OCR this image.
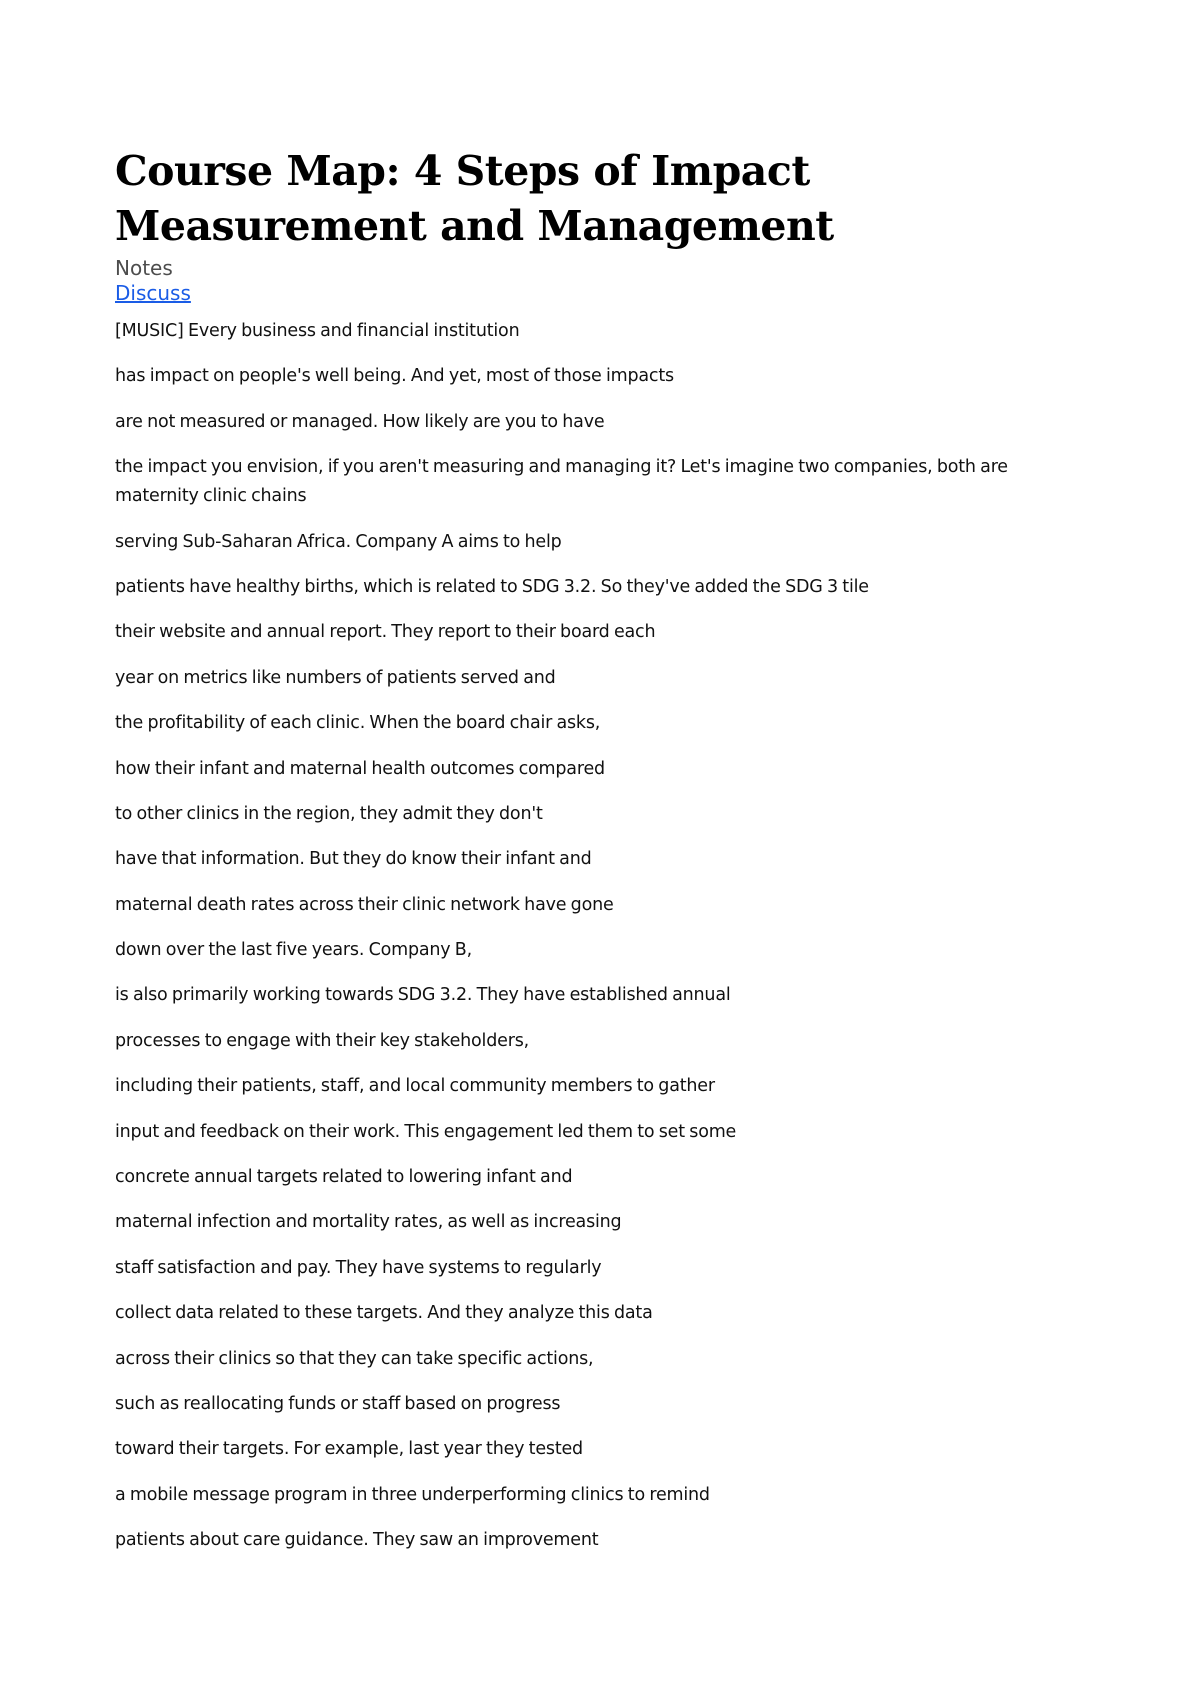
Course Map: 4 Steps of Impact Measurement and Management
Notes
Discuss

[MUSIC] Every business and financial institution

has impact on people's well being. And yet, most of those impacts

are not measured or managed. How likely are you to have

the impact you envision, if you aren't measuring and managing it? Let's imagine two companies, both are maternity clinic chains

serving Sub-Saharan Africa. Company A aims to help

patients have healthy births, which is related to SDG 3.2. So they've added the SDG 3 tile

their website and annual report. They report to their board each

year on metrics like numbers of patients served and

the profitability of each clinic. When the board chair asks,

how their infant and maternal health outcomes compared

to other clinics in the region, they admit they don't

have that information. But they do know their infant and

maternal death rates across their clinic network have gone

down over the last five years. Company B,

is also primarily working towards SDG 3.2. They have established annual

processes to engage with their key stakeholders,

including their patients, staff, and local community members to gather

input and feedback on their work. This engagement led them to set some

concrete annual targets related to lowering infant and

maternal infection and mortality rates, as well as increasing

staff satisfaction and pay. They have systems to regularly

collect data related to these targets. And they analyze this data

across their clinics so that they can take specific actions,

such as reallocating funds or staff based on progress

toward their targets. For example, last year they tested

a mobile message program in three underperforming clinics to remind

patients about care guidance. They saw an improvement
